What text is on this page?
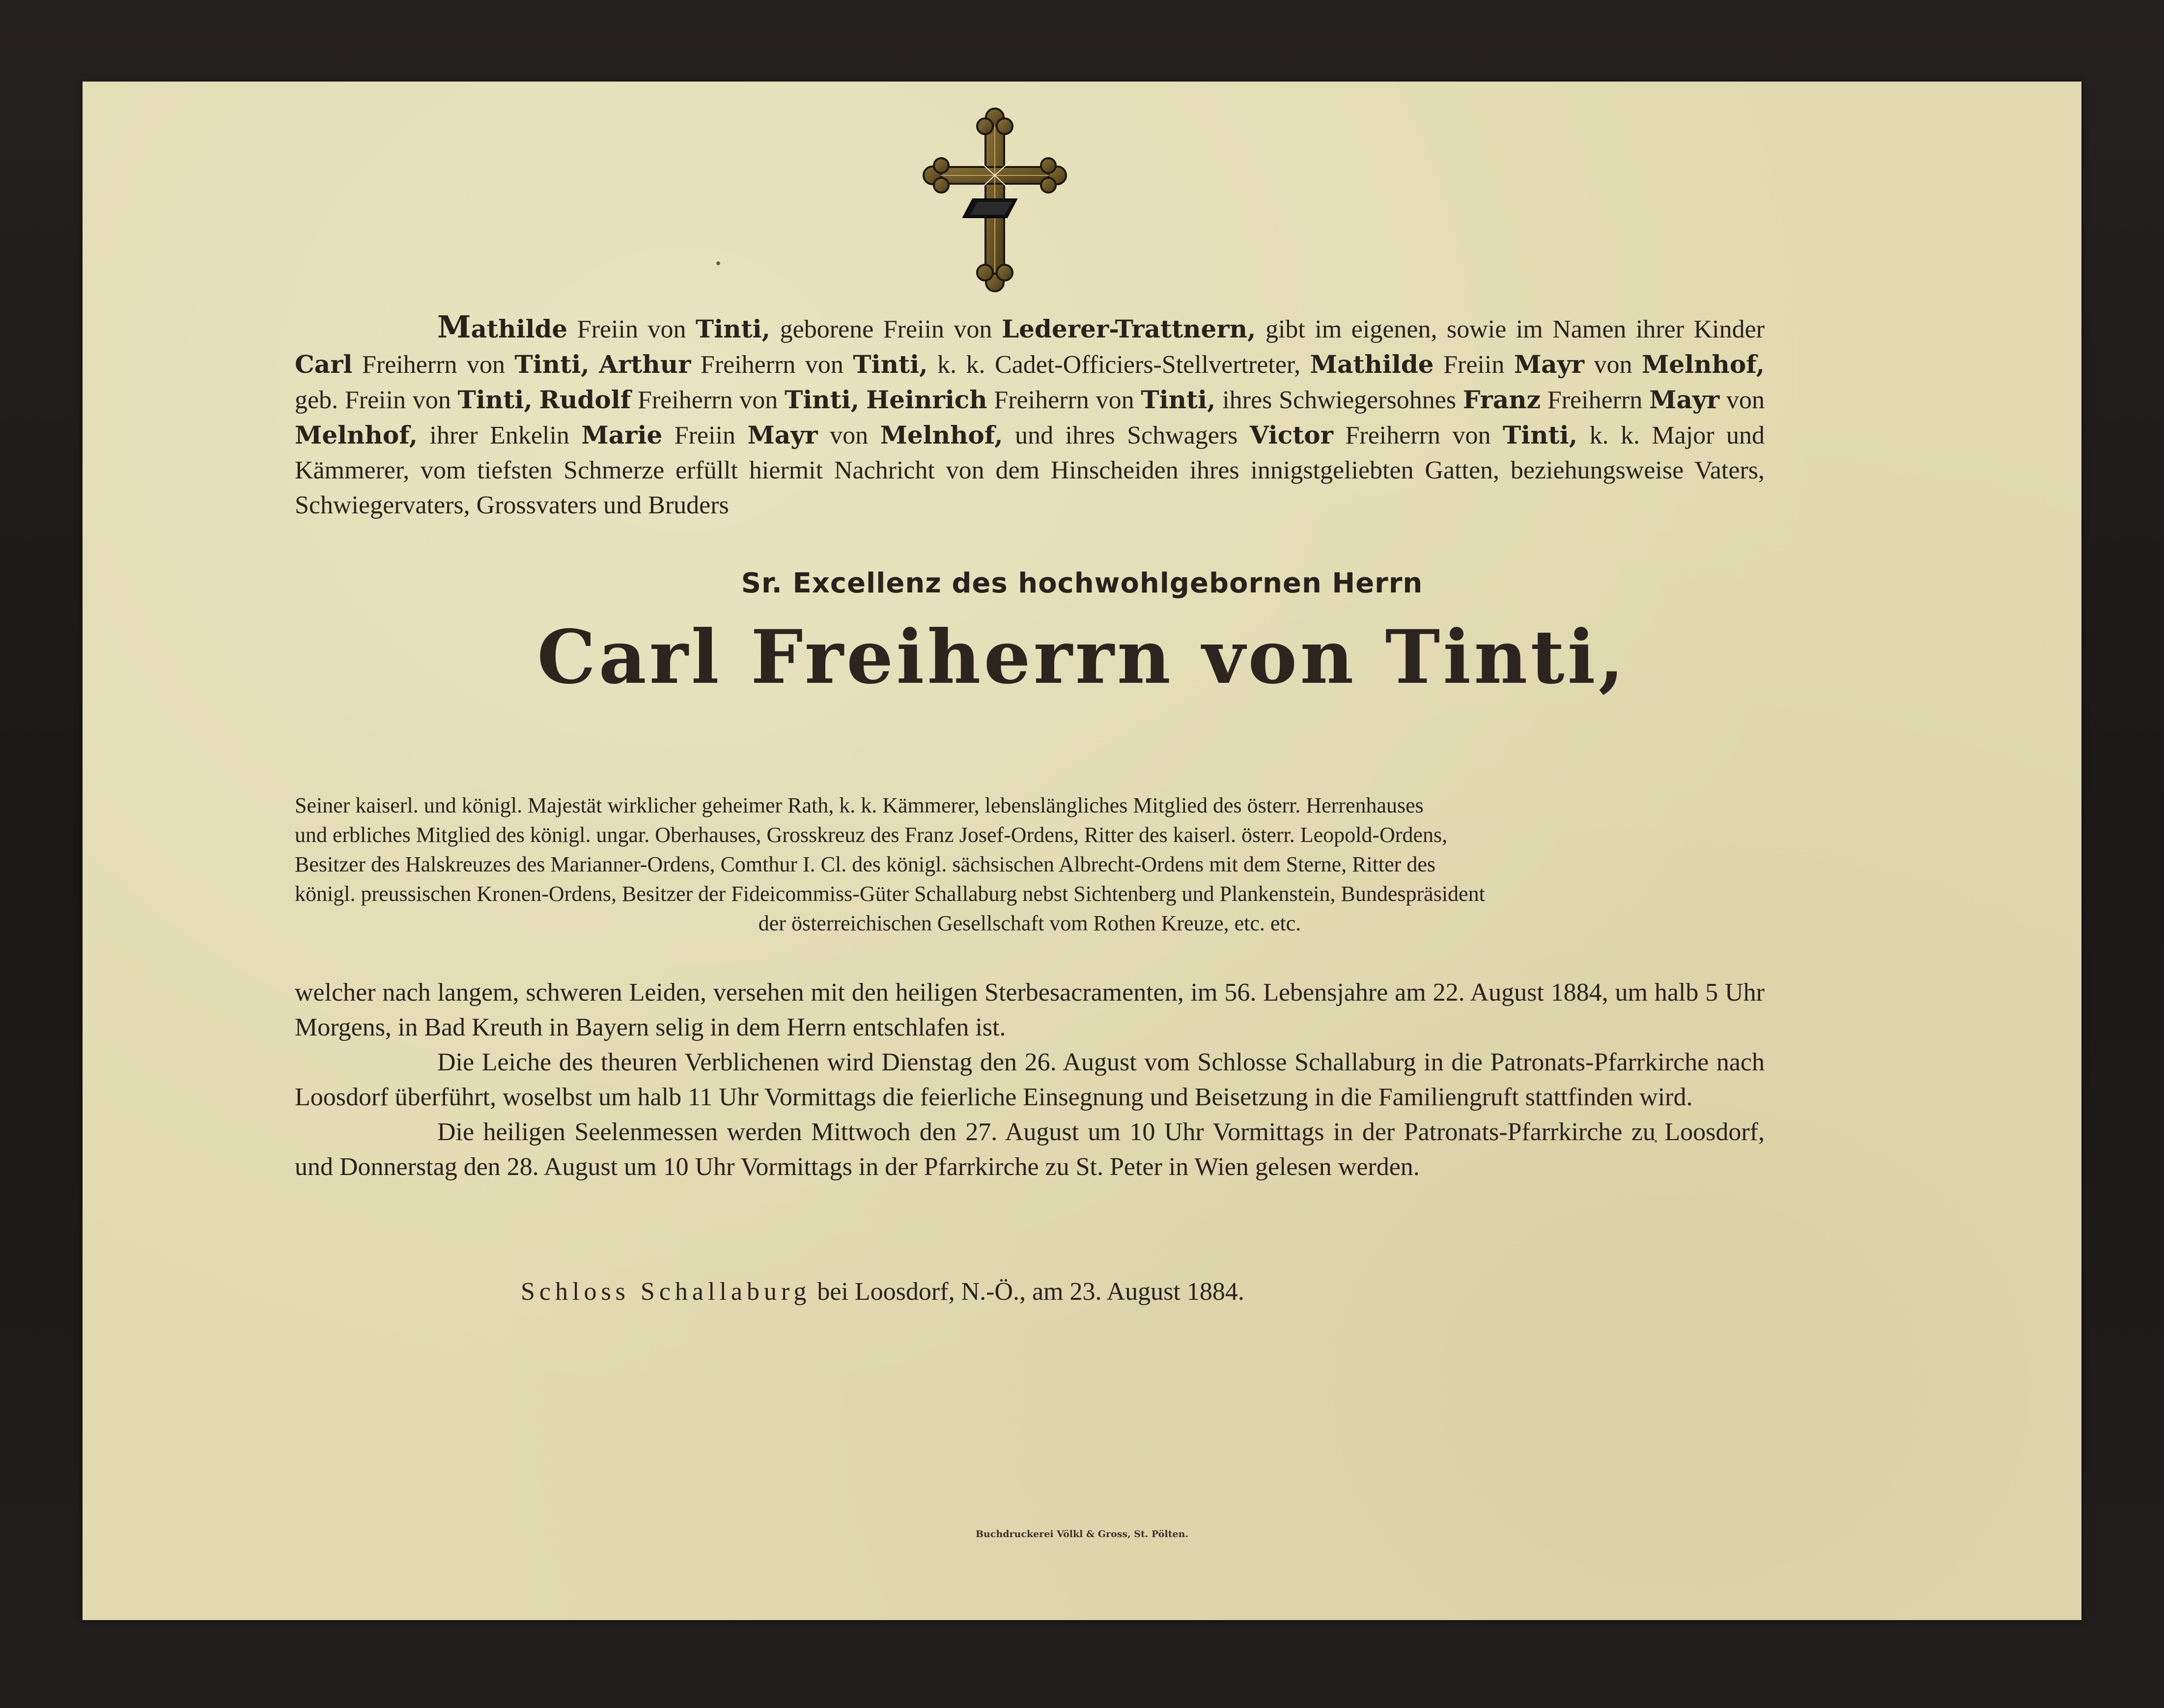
Mathilde Freiin von Tinti, geborene Freiin von Lederer-Trattnern, gibt im eigenen, sowie im Namen ihrer Kinder Carl Freiherrn von Tinti, Arthur Freiherrn von Tinti, k. k. Cadet-Officiers-Stellvertreter, Mathilde Freiin Mayr von Melnhof, geb. Freiin von Tinti, Rudolf Freiherrn von Tinti, Heinrich Freiherrn von Tinti, ihres Schwiegersohnes Franz Freiherrn Mayr von Melnhof, ihrer Enkelin Marie Freiin Mayr von Melnhof, und ihres Schwagers Victor Freiherrn von Tinti, k. k. Major und Kämmerer, vom tiefsten Schmerze erfüllt hiermit Nachricht von dem Hinscheiden ihres innigstgeliebten Gatten, beziehungsweise Vaters, Schwiegervaters, Grossvaters und Bruders

Sr. Excellenz des hochwohlgebornen Herrn
Carl Freiherrn von Tinti,

Seiner kaiserl. und königl. Majestät wirklicher geheimer Rath, k. k. Kämmerer, lebenslängliches Mitglied des österr. Herrenhauses

und erbliches Mitglied des königl. ungar. Oberhauses, Grosskreuz des Franz Josef-Ordens, Ritter des kaiserl. österr. Leopold-Ordens,

Besitzer des Halskreuzes des Marianner-Ordens, Comthur I. Cl. des königl. sächsischen Albrecht-Ordens mit dem Sterne, Ritter des

königl. preussischen Kronen-Ordens, Besitzer der Fideicommiss-Güter Schallaburg nebst Sichtenberg und Plankenstein, Bundespräsident

der österreichischen Gesellschaft vom Rothen Kreuze, etc. etc.

welcher nach langem, schweren Leiden, versehen mit den heiligen Sterbesacramenten, im 56. Lebensjahre am 22. August 1884, um halb 5 Uhr Morgens, in Bad Kreuth in Bayern selig in dem Herrn entschlafen ist.

Die Leiche des theuren Verblichenen wird Dienstag den 26. August vom Schlosse Schallaburg in die Patronats-Pfarrkirche nach Loosdorf überführt, woselbst um halb 11 Uhr Vormittags die feierliche Einsegnung und Beisetzung in die Familiengruft stattfinden wird.

Die heiligen Seelenmessen werden Mittwoch den 27. August um 10 Uhr Vormittags in der Patronats-Pfarrkirche zu Loosdorf, und Donnerstag den 28. August um 10 Uhr Vormittags in der Pfarrkirche zu St. Peter in Wien gelesen werden.

Schloss Schallaburg bei Loosdorf, N.-Ö., am 23. August 1884.
Buchdruckerei Völkl & Gross, St. Pölten.
